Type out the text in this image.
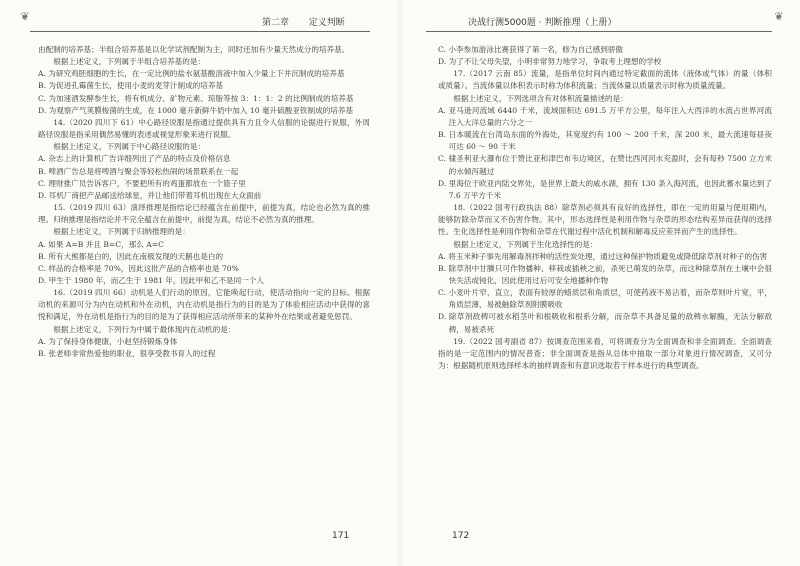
❦	第二章 定义判断

由配制的培养基；半组合培养基是以化学试剂配制为主，同时还加有少量天然成分的培养基。

根据上述定义，下列属于半组合培养基的是：

A. 为研究鸡胚细胞的生长，在一定比例的盐水氨基酸溶液中加入少量上下井沉制成的培养基

B. 为促进孔霉菌生长，使用小麦的麦芽汁制成的培养基

C. 为加速酒发酵参生长，将有机成分、矿物元素、琼脂等按 3：1：1：2 的比例制成的培养基

D. 为观察产气荚膜梭菌的生成，在 1000 毫升新鲜牛奶中加入 10 毫升硫酸亚铁制成的培养基

14.（2020 四川下 61）中心路径说服是指通过提供具有力且令人信服的论据进行说服，外周路径说服是指采用偶然易懂的表述或视觉形象来进行说服。

根据上述定义，下列属于中心路径说服的是：

A. 杂志上的计算机广告详细列出了产品的特点及价格信息

B. 啤酒广告总是将啤酒与聚会等轻松热闹的场景联系在一起

C. 理财推广员告诉客户，不要把所有的鸡蛋都放在一个篮子里

D. 耳机厂商把产品邮送给球星，并让他们带着耳机出现在大众面前

15.（2019 四川 63）演绎推理是指结论已经蕴含在前提中，前提为真，结论也必然为真的推理。归纳推理是指结论并不完全蕴含在前提中，前提为真，结论不必然为真的推理。

根据上述定义，下列属于归纳推理的是：

A. 如果 A=B 并且 B=C，那么 A=C

B. 所有大熊都是白的，因此在南极发现的天鹅也是白的

C. 样品的合格率是 70%，因此这批产品的合格率也是 70%

D. 甲生于 1980 年，而乙生于 1981 年，因此甲和乙不是同一个人

16.（2019 四川 66）动机是人们行动的原因，它能唤起行动，使活动指向一定的目标。根据动机的来源可分为内在动机和外在动机，内在动机是指行为的目的是为了体验相应活动中获得的喜悦和满足，外在动机是指行为的目的是为了获得相应活动所带来的某种外在结果或者避免惩罚。

根据上述定义，下列行为中属于最体现内在动机的是：

A. 为了保持身体健康，小赵坚持锻炼身体

B. 张老师非常热爱他的职业，很享受教书育人的过程

171
❦
决战行测5000题 · 判断推理（上册）

C. 小李参加游泳比赛获得了第一名，修为自己感到骄傲

D. 为了不让父母失望，小明非常努力地学习，争取考上理想的学校

17.（2017 云南 85）流量，是指单位时间内通过特定截面的流体（液体或气体）的量（体积或质量）。当流体量以体积表示时称为体积流量；当流体量以质量表示时称为质量流量。

根据上述定义，下列选项含有对体积流量描述的是：

A. 亚马逊河流域 6440 千米，流域面积达 691.5 万平方公里，每年注入大西洋的水流占世界河流注入大洋总量的六分之一

B. 日本暖流在台湾岛东面的外海处，其宽度约有 100 ～ 200 千米，深 200 米，最大流速每昼夜可达 60 ～ 90 千米

C. 棣圣利亚大瀑布位于赞比亚和津巴布韦边境区，在赞比西河河水充盈时，会有每秒 7500 立方米的水倾泻越过

D. 里海位于欧亚内陆交界处，是世界上最大的咸水湖，拥有 130 条入海河流，也因此蓄水量达到了 7.6 万平方千米

18.（2022 国考行政执法 88）除草剂必须具有良好的选择性，即在一定的用量与使用期内，能够防除杂草而又不伤害作物。其中，形态选择性是利用作物与杂草的形态结构差异而获得的选择性。生化选择性是利用作物和杂草在代谢过程中活化机制和解毒反应差异而产生的选择性。

根据上述定义，下列属于生化选择性的是：

A. 将玉米种子事先用解毒剂拌种的活性炭处理，通过这种保护物质避免或降低除草剂对种子的伤害

B. 除草剂中甘膦只可作物播种、移栽或插秧之前，杀死已萌发的杂草，而这种除草剂在土壤中会很快失活或钝化，因此使用过后可安全地播种作物

C. 小麦叶片窄，直立，表面有较厚的蜡质层和角质层，可使药液不易沾着，而杂草则叶片宽，平，角质层薄，易被触除草剂附膜吸收

D. 除草剂敌稗可被水稻茎叶和根吸收和根系分解，而杂草不具备足量的敌稗水解酶，无法分解敌稗，易被杀死

19.（2022 国考副省 87）按调查范围来看，可将调查分为全面调查和非全面调查。全面调查指的是一定范围内的情况普查；非全面调查是指从总体中抽取一部分对象进行情况调查，又可分为：根据随机原则选择样本的抽样调查和有意识选取若干样本进行的典型调查。

172
